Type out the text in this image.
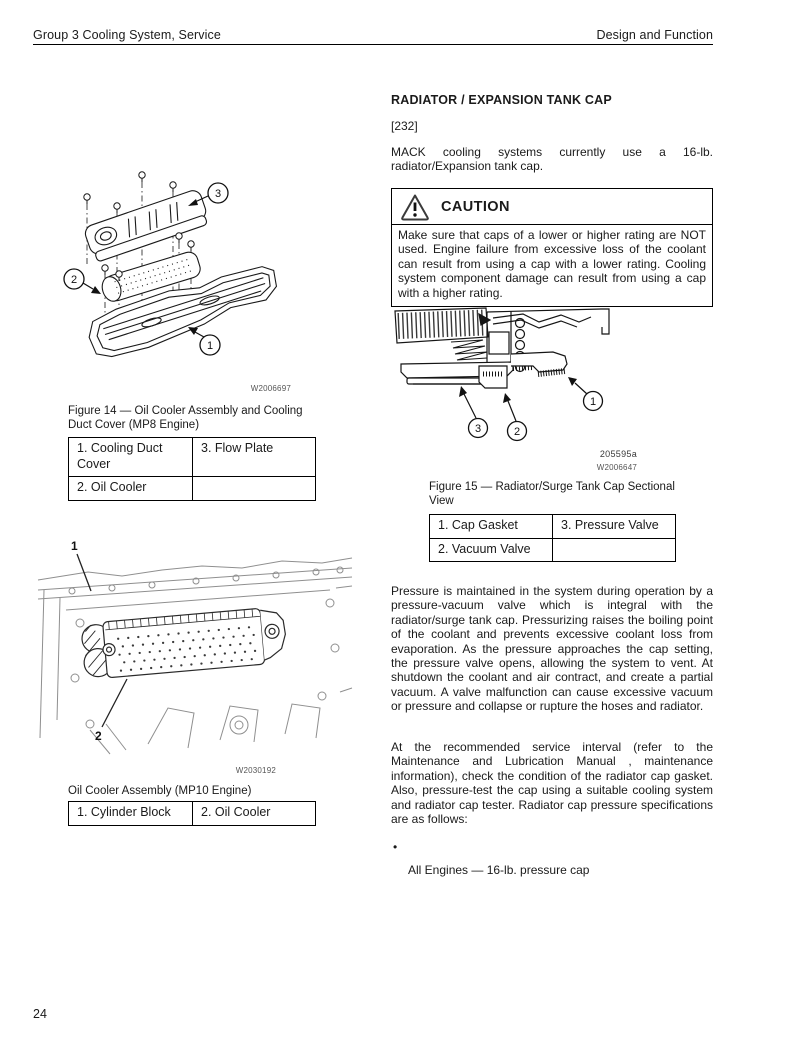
Group 3 Cooling System, Service	Design and Function
3
2
1
W2006697
Figure 14 — Oil Cooler Assembly and Cooling Duct Cover (MP8 Engine)
1. Cooling Duct Cover	3. Flow Plate
2. Oil Cooler	
1
2
W2030192
Oil Cooler Assembly (MP10 Engine)
1. Cylinder Block	2. Oil Cooler
RADIATOR / EXPANSION TANK CAP
[232]
MACK cooling systems currently use a 16-lb. radiator/Expansion tank cap.
CAUTION
Make sure that caps of a lower or higher rating are NOT used. Engine failure from excessive loss of the coolant can result from using a cap with a lower rating. Cooling system component damage can result from using a cap with a higher rating.
3	2
1
205595a
W2006647
Figure 15 — Radiator/Surge Tank Cap Sectional View
1. Cap Gasket	3. Pressure Valve
2. Vacuum Valve	
Pressure is maintained in the system during operation by a pressure-vacuum valve which is integral with the radiator/surge tank cap. Pressurizing raises the boiling point of the coolant and prevents excessive coolant loss from evaporation. As the pressure approaches the cap setting, the pressure valve opens, allowing the system to vent. At shutdown the coolant and air contract, and create a partial vacuum. A valve malfunction can cause excessive vacuum or pressure and collapse or rupture the hoses and radiator.
At the recommended service interval (refer to the Maintenance and Lubrication Manual , maintenance information), check the condition of the radiator cap gasket. Also, pressure-test the cap using a suitable cooling system and radiator cap tester. Radiator cap pressure specifications are as follows:
•
All Engines — 16-lb. pressure cap
24
